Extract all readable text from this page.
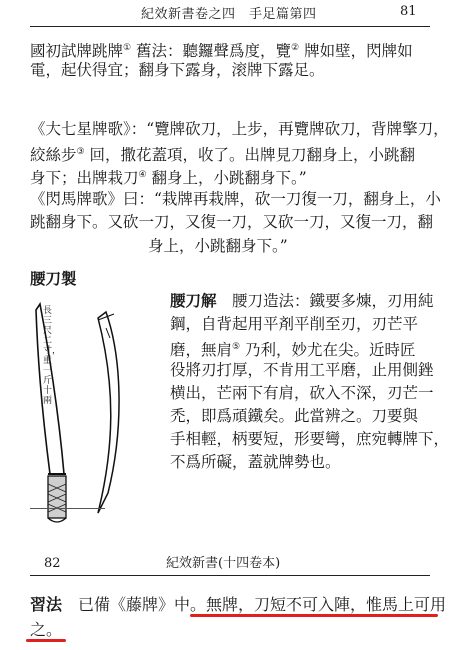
紀效新書卷之四　手足篇第四	81
國初試牌跳牌① 舊法：聽鑼聲爲度，覽② 牌如壁，閃牌如
電，起伏得宜；翻身下露身，滚牌下露足。
《大七星牌歌》：“覽牌砍刀，上步，再覽牌砍刀，背牌擎刀，
絞絲步③ 回，撒花蓋項，收了。出牌見刀翻身上，小跳翻
身下；出牌栽刀④ 翻身上，小跳翻身下。”
《閃馬牌歌》曰：“栽牌再栽牌，砍一刀復一刀，翻身上，小
跳翻身下。又砍一刀，又復一刀，又砍一刀，又復一刀，翻
身上，小跳翻身下。”
腰刀製
長三尺二寸，重一斤十兩
腰刀解　 腰刀造法：鐵要多煉，刃用純
鋼，自背起用平剤平削至刃，刃芒平
磨，無肩⑤ 乃利，妙尤在尖。近時匠
役將刃打厚，不肯用工平磨，止用側銼
横出，芒兩下有肩，砍入不深，刃芒一
禿，即爲頑鐵矣。此當辨之。刀要與
手相輕，柄要短，形要彎，庶宛轉牌下，
不爲所礙，蓋就牌勢也。
82	紀效新書(十四卷本)
習法　 已備《藤牌》中。無牌，刀短不可入陣，惟馬上可用
之。
